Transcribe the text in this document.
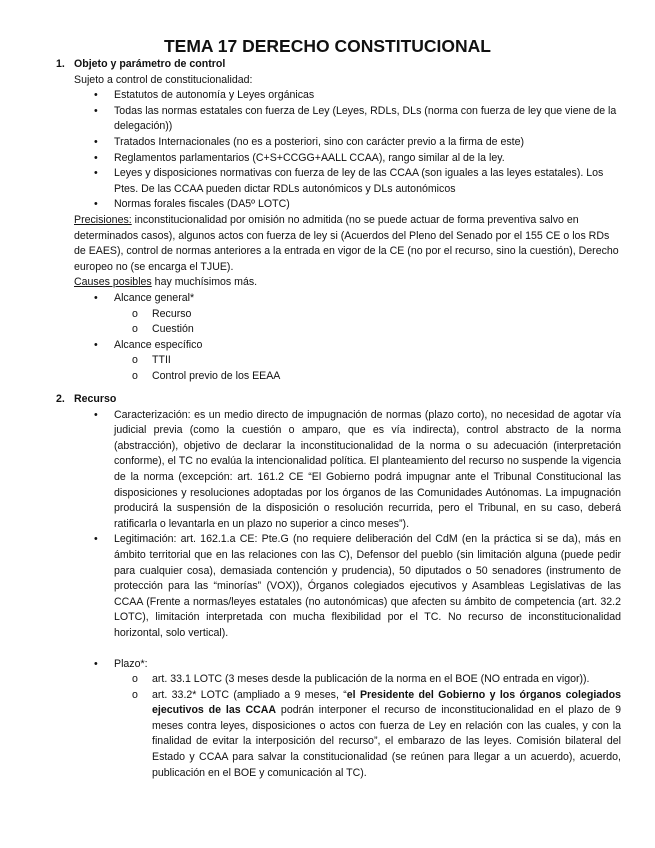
TEMA 17 DERECHO CONSTITUCIONAL
1. Objeto y parámetro de control
Sujeto a control de constitucionalidad:
• Estatutos de autonomía y Leyes orgánicas
• Todas las normas estatales con fuerza de Ley (Leyes, RDLs, DLs (norma con fuerza de ley que viene de la delegación))
• Tratados Internacionales (no es a posteriori, sino con carácter previo a la firma de este)
• Reglamentos parlamentarios (C+S+CCGG+AALL CCAA), rango similar al de la ley.
• Leyes y disposiciones normativas con fuerza de ley de las CCAA (son iguales a las leyes estatales). Los Ptes. De las CCAA pueden dictar RDLs autonómicos y DLs autonómicos
• Normas forales fiscales (DA5º LOTC)
Precisiones: inconstitucionalidad por omisión no admitida (no se puede actuar de forma preventiva salvo en determinados casos), algunos actos con fuerza de ley si (Acuerdos del Pleno del Senado por el 155 CE o los RDs de EAES), control de normas anteriores a la entrada en vigor de la CE (no por el recurso, sino la cuestión), Derecho europeo no (se encarga el TJUE).
Causes posibles hay muchísimos más.
• Alcance general*
o Recurso
o Cuestión
• Alcance específico
o TTII
o Control previo de los EEAA
2. Recurso
• Caracterización: es un medio directo de impugnación de normas (plazo corto), no necesidad de agotar vía judicial previa (como la cuestión o amparo, que es vía indirecta), control abstracto de la norma (abstracción), objetivo de declarar la inconstitucionalidad de la norma o su adecuación (interpretación conforme), el TC no evalúa la intencionalidad política. El planteamiento del recurso no suspende la vigencia de la norma (excepción: art. 161.2 CE “El Gobierno podrá impugnar ante el Tribunal Constitucional las disposiciones y resoluciones adoptadas por los órganos de las Comunidades Autónomas. La impugnación producirá la suspensión de la disposición o resolución recurrida, pero el Tribunal, en su caso, deberá ratificarla o levantarla en un plazo no superior a cinco meses”).
• Legitimación: art. 162.1.a CE: Pte.G (no requiere deliberación del CdM (en la práctica si se da), más en ámbito territorial que en las relaciones con las C), Defensor del pueblo (sin limitación alguna (puede pedir para cualquier cosa), demasiada contención y prudencia), 50 diputados o 50 senadores (instrumento de protección para las “minorías” (VOX)), Órganos colegiados ejecutivos y Asambleas Legislativas de las CCAA (Frente a normas/leyes estatales (no autonómicas) que afecten su ámbito de competencia (art. 32.2 LOTC), limitación interpretada con mucha flexibilidad por el TC. No recurso de inconstitucionalidad horizontal, solo vertical).
• Plazo*:
o art. 33.1 LOTC (3 meses desde la publicación de la norma en el BOE (NO entrada en vigor)).
o art. 33.2* LOTC (ampliado a 9 meses, “el Presidente del Gobierno y los órganos colegiados ejecutivos de las CCAA podrán interponer el recurso de inconstitucionalidad en el plazo de 9 meses contra leyes, disposiciones o actos con fuerza de Ley en relación con las cuales, y con la finalidad de evitar la interposición del recurso”, el embarazo de las leyes. Comisión bilateral del Estado y CCAA para salvar la constitucionalidad (se reúnen para llegar a un acuerdo), acuerdo, publicación en el BOE y comunicación al TC).
